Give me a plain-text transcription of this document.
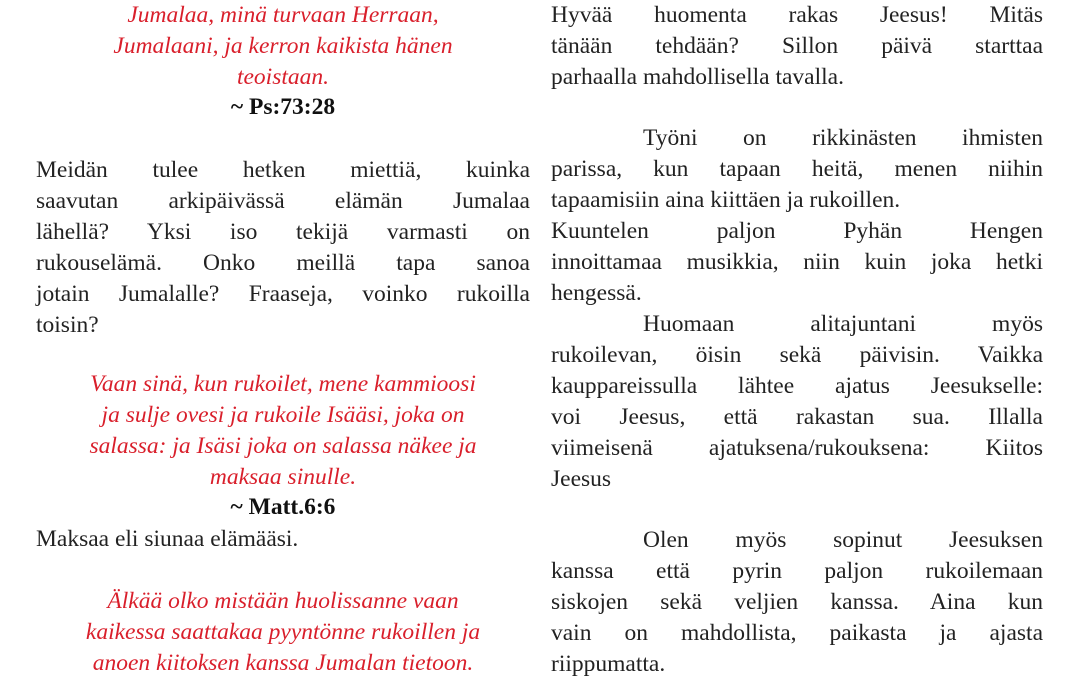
Jumalaa, minä turvaan Herraan,
Jumalaani, ja kerron kaikista hänen
teoistaan.
~ Ps:73:28
Meidän tulee hetken miettiä, kuinka
saavutan arkipäivässä elämän Jumalaa
lähellä? Yksi iso tekijä varmasti on
rukouselämä. Onko meillä tapa sanoa
jotain Jumalalle? Fraaseja, voinko rukoilla
toisin?
Vaan sinä, kun rukoilet, mene kammioosi
ja sulje ovesi ja rukoile Isääsi, joka on
salassa: ja Isäsi joka on salassa näkee ja
maksaa sinulle.
~ Matt.6:6
Maksaa eli siunaa elämääsi.
Älkää olko mistään huolissanne vaan
kaikessa saattakaa pyyntönne rukoillen ja
anoen kiitoksen kanssa Jumalan tietoon.
Hyvää huomenta rakas Jeesus! Mitäs
tänään tehdään? Sillon päivä starttaa
parhaalla mahdollisella tavalla.
Työni on rikkinästen ihmisten
parissa, kun tapaan heitä, menen niihin
tapaamisiin aina kiittäen ja rukoillen.
Kuuntelen paljon Pyhän Hengen
innoittamaa musikkia, niin kuin joka hetki
hengessä.
Huomaan alitajuntani myös
rukoilevan, öisin sekä päivisin. Vaikka
kauppareissulla lähtee ajatus Jeesukselle:
voi Jeesus, että rakastan sua. Illalla
viimeisenä ajatuksena/rukouksena: Kiitos
Jeesus
Olen myös sopinut Jeesuksen
kanssa että pyrin paljon rukoilemaan
siskojen sekä veljien kanssa. Aina kun
vain on mahdollista, paikasta ja ajasta
riippumatta.
